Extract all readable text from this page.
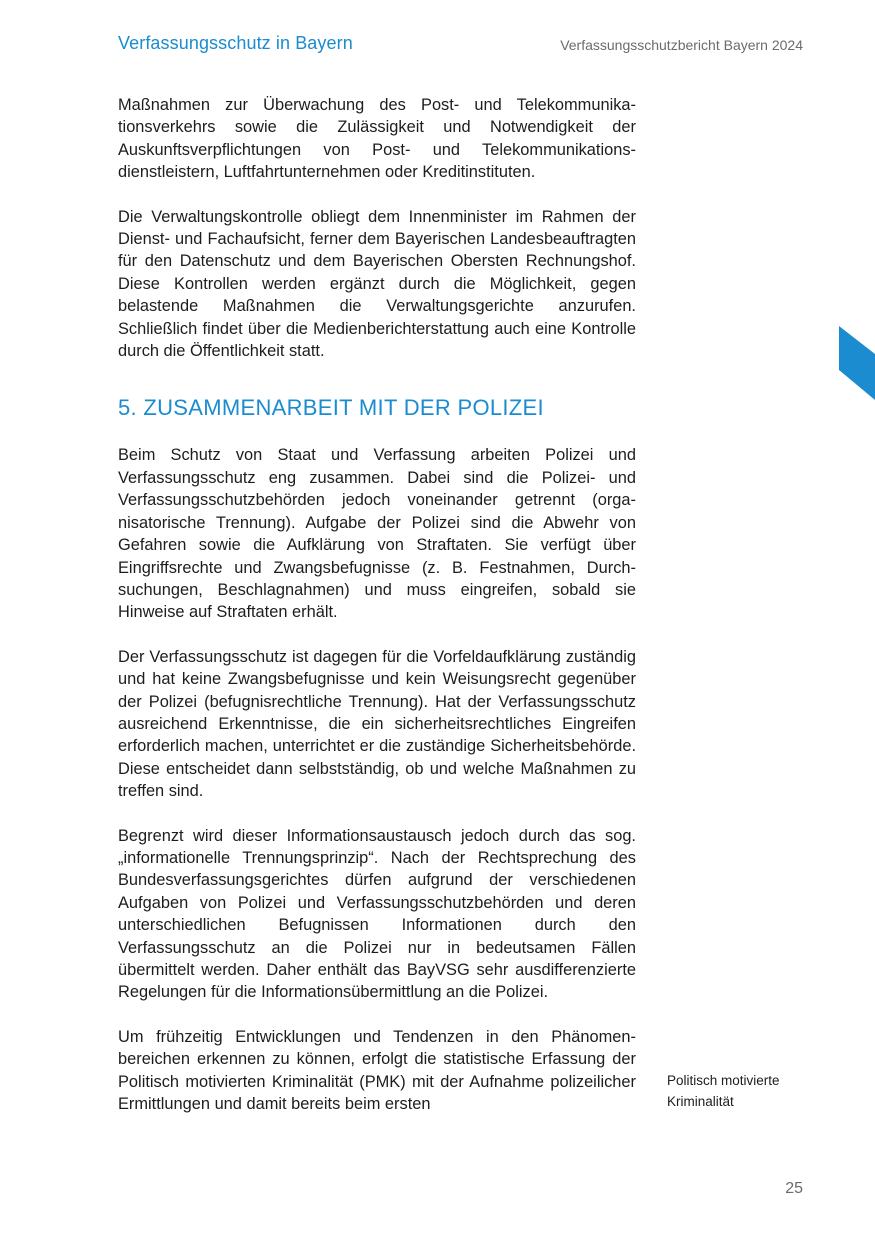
Verfassungsschutz in Bayern	Verfassungsschutzbericht Bayern 2024

Maßnahmen zur Überwachung des Post- und Telekommunikationsverkehrs sowie die Zulässigkeit und Notwendigkeit der Auskunftsverpflichtungen von Post- und Telekommunikationsdienstleistern, Luftfahrtunternehmen oder Kreditinstituten.

Die Verwaltungskontrolle obliegt dem Innenminister im Rahmen der Dienst- und Fachaufsicht, ferner dem Bayerischen Landesbeauftragten für den Datenschutz und dem Bayerischen Obersten Rechnungshof. Diese Kontrollen werden ergänzt durch die Möglichkeit, gegen belastende Maßnahmen die Verwaltungsgerichte anzurufen. Schließlich findet über die Medienberichterstattung auch eine Kontrolle durch die Öffentlichkeit statt.

5. ZUSAMMENARBEIT MIT DER POLIZEI

Beim Schutz von Staat und Verfassung arbeiten Polizei und Verfassungsschutz eng zusammen. Dabei sind die Polizei- und Verfassungsschutzbehörden jedoch voneinander getrennt (organisatorische Trennung). Aufgabe der Polizei sind die Abwehr von Gefahren sowie die Aufklärung von Straftaten. Sie verfügt über Eingriffsrechte und Zwangsbefugnisse (z. B. Festnahmen, Durchsuchungen, Beschlagnahmen) und muss eingreifen, sobald sie Hinweise auf Straftaten erhält.

Der Verfassungsschutz ist dagegen für die Vorfeldaufklärung zuständig und hat keine Zwangsbefugnisse und kein Weisungsrecht gegenüber der Polizei (befugnisrechtliche Trennung). Hat der Verfassungsschutz ausreichend Erkenntnisse, die ein sicherheitsrechtliches Eingreifen erforderlich machen, unterrichtet er die zuständige Sicherheitsbehörde. Diese entscheidet dann selbstständig, ob und welche Maßnahmen zu treffen sind.

Begrenzt wird dieser Informationsaustausch jedoch durch das sog. „informationelle Trennungsprinzip“. Nach der Rechtsprechung des Bundesverfassungsgerichtes dürfen aufgrund der verschiedenen Aufgaben von Polizei und Verfassungsschutzbehörden und deren unterschiedlichen Befugnissen Informationen durch den Verfassungsschutz an die Polizei nur in bedeutsamen Fällen übermittelt werden. Daher enthält das BayVSG sehr ausdifferenzierte Regelungen für die Informationsübermittlung an die Polizei.

Um frühzeitig Entwicklungen und Tendenzen in den Phänomenbereichen erkennen zu können, erfolgt die statistische Erfassung der Politisch motivierten Kriminalität (PMK) mit der Aufnahme polizeilicher Ermittlungen und damit bereits beim ersten

Politisch motivierte
Kriminalität
25
